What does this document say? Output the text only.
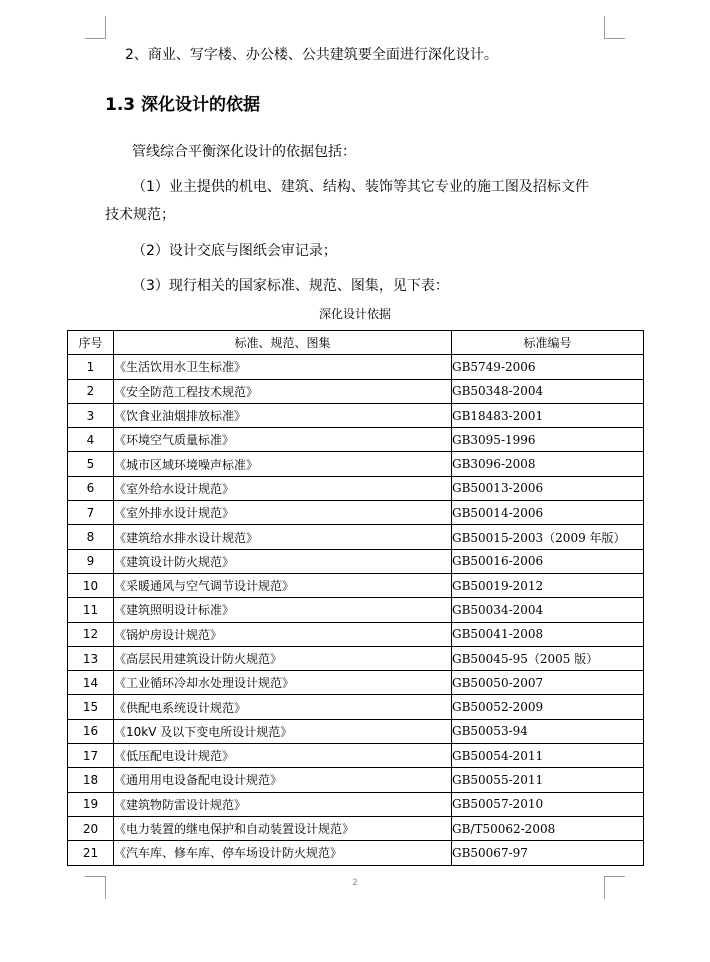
2、商业、写字楼、办公楼、公共建筑要全面进行深化设计。
1.3 深化设计的依据
管线综合平衡深化设计的依据包括：
（1）业主提供的机电、建筑、结构、装饰等其它专业的施工图及招标文件
技术规范；
（2）设计交底与图纸会审记录；
（3）现行相关的国家标准、规范、图集，见下表：
深化设计依据
序号	标准、规范、图集	标准编号
1	《生活饮用水卫生标准》	GB5749-2006
2	《安全防范工程技术规范》	GB50348-2004
3	《饮食业油烟排放标准》	GB18483-2001
4	《环境空气质量标准》	GB3095-1996
5	《城市区域环境噪声标准》	GB3096-2008
6	《室外给水设计规范》	GB50013-2006
7	《室外排水设计规范》	GB50014-2006
8	《建筑给水排水设计规范》	GB50015-2003（2009 年版）
9	《建筑设计防火规范》	GB50016-2006
10	《采暖通风与空气调节设计规范》	GB50019-2012
11	《建筑照明设计标准》	GB50034-2004
12	《锅炉房设计规范》	GB50041-2008
13	《高层民用建筑设计防火规范》	GB50045-95（2005 版）
14	《工业循环冷却水处理设计规范》	GB50050-2007
15	《供配电系统设计规范》	GB50052-2009
16	《10kV 及以下变电所设计规范》	GB50053-94
17	《低压配电设计规范》	GB50054-2011
18	《通用用电设备配电设计规范》	GB50055-2011
19	《建筑物防雷设计规范》	GB50057-2010
20	《电力装置的继电保护和自动装置设计规范》	GB/T50062-2008
21	《汽车库、修车库、停车场设计防火规范》	GB50067-97
2
